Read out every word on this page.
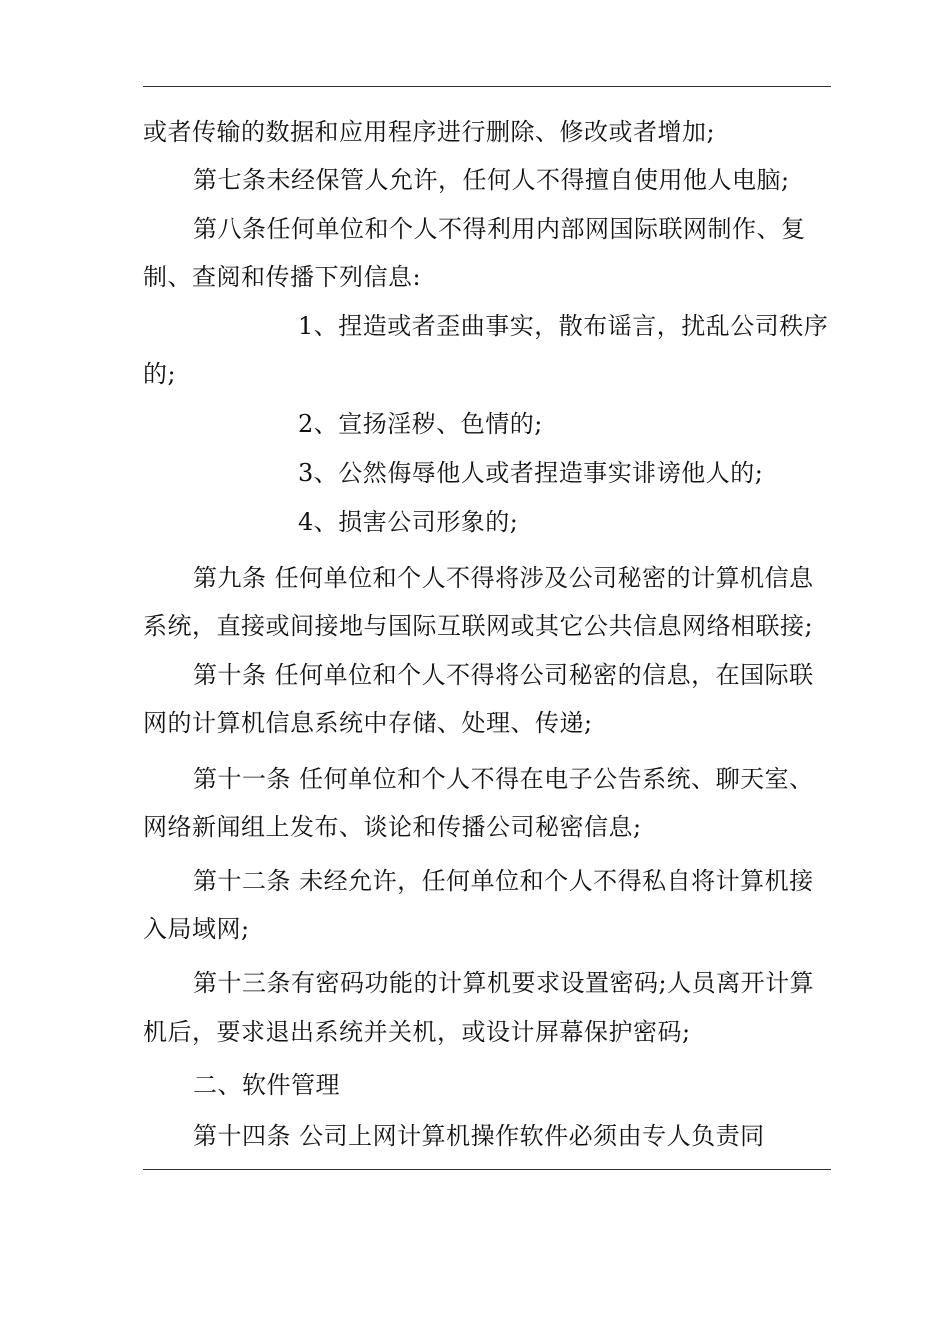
或者传输的数据和应用程序进行删除、修改或者增加;
第七条未经保管人允许，任何人不得擅自使用他人电脑;
第八条任何单位和个人不得利用内部网国际联网制作、复
制、查阅和传播下列信息:
1、捏造或者歪曲事实，散布谣言，扰乱公司秩序
的;
2、宣扬淫秽、色情的;
3、公然侮辱他人或者捏造事实诽谤他人的;
4、损害公司形象的;
第九条 任何单位和个人不得将涉及公司秘密的计算机信息
系统，直接或间接地与国际互联网或其它公共信息网络相联接;
第十条 任何单位和个人不得将公司秘密的信息，在国际联
网的计算机信息系统中存储、处理、传递;
第十一条 任何单位和个人不得在电子公告系统、聊天室、
网络新闻组上发布、谈论和传播公司秘密信息;
第十二条 未经允许，任何单位和个人不得私自将计算机接
入局域网;
第十三条有密码功能的计算机要求设置密码;人员离开计算
机后，要求退出系统并关机，或设计屏幕保护密码;
二、软件管理
第十四条 公司上网计算机操作软件必须由专人负责同
